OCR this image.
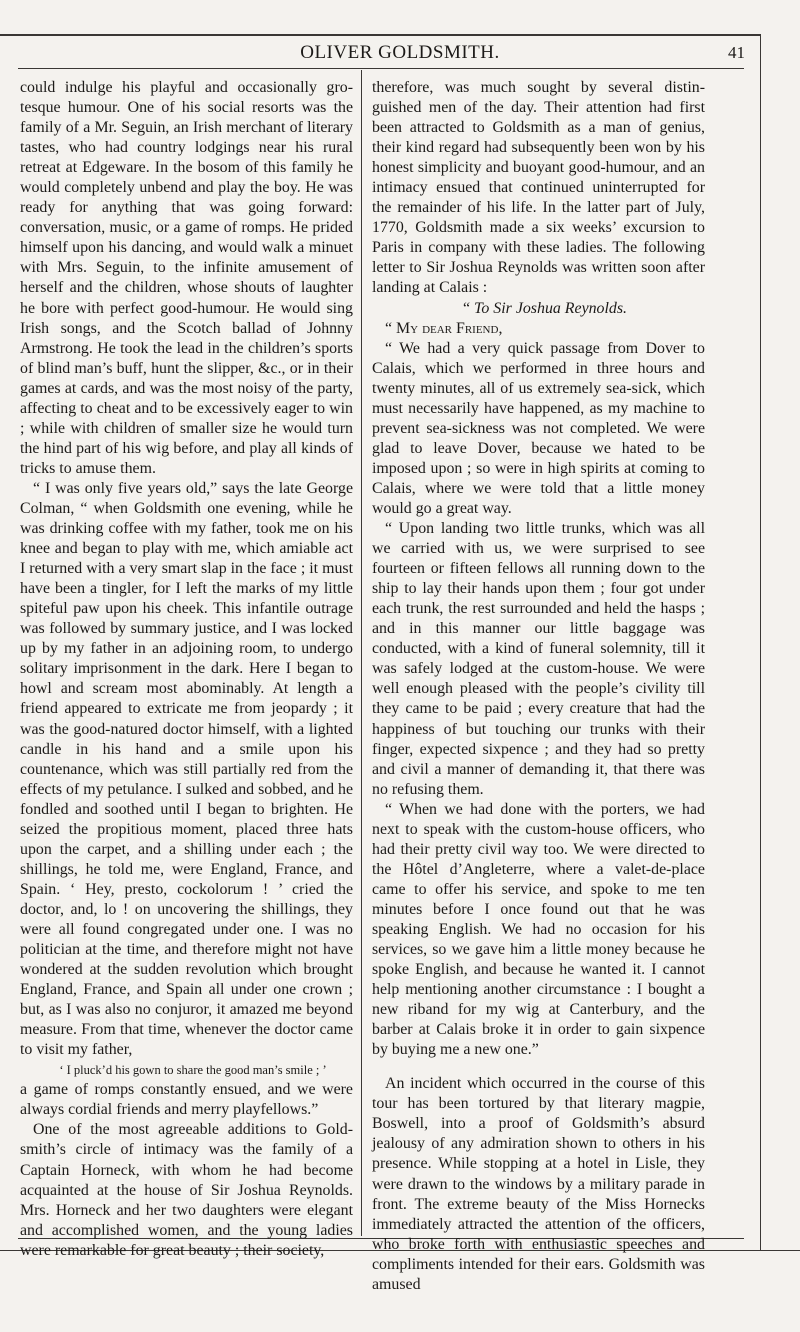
OLIVER GOLDSMITH.	41

could indulge his playful and occasionally grotesque humour. One of his social resorts was the family of a Mr. Seguin, an Irish merchant of literary tastes, who had country lodgings near his rural retreat at Edgeware. In the bosom of this family he would completely unbend and play the boy. He was ready for anything that was going forward: conversation, music, or a game of romps. He prided himself upon his dancing, and would walk a minuet with Mrs. Seguin, to the infinite amusement of herself and the children, whose shouts of laughter he bore with perfect good-humour. He would sing Irish songs, and the Scotch ballad of Johnny Armstrong. He took the lead in the children’s sports of blind man’s buff, hunt the slipper, &c., or in their games at cards, and was the most noisy of the party, affecting to cheat and to be excessively eager to win ; while with children of smaller size he would turn the hind part of his wig before, and play all kinds of tricks to amuse them.

“ I was only five years old,” says the late George Colman, “ when Goldsmith one evening, while he was drinking coffee with my father, took me on his knee and began to play with me, which amiable act I returned with a very smart slap in the face ; it must have been a tingler, for I left the marks of my little spiteful paw upon his cheek. This infantile outrage was followed by summary justice, and I was locked up by my father in an adjoining room, to undergo solitary imprisonment in the dark. Here I began to howl and scream most abominably. At length a friend appeared to extricate me from jeopardy ; it was the good-natured doctor himself, with a lighted candle in his hand and a smile upon his countenance, which was still partially red from the effects of my petulance. I sulked and sobbed, and he fondled and soothed until I began to brighten. He seized the propitious moment, placed three hats upon the carpet, and a shilling under each ; the shillings, he told me, were England, France, and Spain. ‘ Hey, presto, cockolorum ! ’ cried the doctor, and, lo ! on uncovering the shillings, they were all found congregated under one. I was no politician at the time, and therefore might not have wondered at the sudden revolution which brought England, France, and Spain all under one crown ; but, as I was also no conjuror, it amazed me beyond measure. From that time, whenever the doctor came to visit my father,

‘ I pluck’d his gown to share the good man’s smile ; ’

a game of romps constantly ensued, and we were always cordial friends and merry playfellows.”

One of the most agreeable additions to Goldsmith’s circle of intimacy was the family of a Captain Horneck, with whom he had become acquainted at the house of Sir Joshua Reynolds. Mrs. Horneck and her two daughters were elegant and accomplished women, and the young ladies were remarkable for great beauty ; their society,

therefore, was much sought by several distinguished men of the day. Their attention had first been attracted to Goldsmith as a man of genius, their kind regard had subsequently been won by his honest simplicity and buoyant good-humour, and an intimacy ensued that continued uninterrupted for the remainder of his life. In the latter part of July, 1770, Goldsmith made a six weeks’ excursion to Paris in company with these ladies. The following letter to Sir Joshua Reynolds was written soon after landing at Calais :

“ To Sir Joshua Reynolds.

“ My dear Friend,

“ We had a very quick passage from Dover to Calais, which we performed in three hours and twenty minutes, all of us extremely sea-sick, which must necessarily have happened, as my machine to prevent sea-sickness was not completed. We were glad to leave Dover, because we hated to be imposed upon ; so were in high spirits at coming to Calais, where we were told that a little money would go a great way.

“ Upon landing two little trunks, which was all we carried with us, we were surprised to see fourteen or fifteen fellows all running down to the ship to lay their hands upon them ; four got under each trunk, the rest surrounded and held the hasps ; and in this manner our little baggage was conducted, with a kind of funeral solemnity, till it was safely lodged at the custom-house. We were well enough pleased with the people’s civility till they came to be paid ; every creature that had the happiness of but touching our trunks with their finger, expected sixpence ; and they had so pretty and civil a manner of demanding it, that there was no refusing them.

“ When we had done with the porters, we had next to speak with the custom-house officers, who had their pretty civil way too. We were directed to the Hôtel d’Angleterre, where a valet-de-place came to offer his service, and spoke to me ten minutes before I once found out that he was speaking English. We had no occasion for his services, so we gave him a little money because he spoke English, and because he wanted it. I cannot help mentioning another circumstance : I bought a new riband for my wig at Canterbury, and the barber at Calais broke it in order to gain sixpence by buying me a new one.”

An incident which occurred in the course of this tour has been tortured by that literary magpie, Boswell, into a proof of Goldsmith’s absurd jealousy of any admiration shown to others in his presence. While stopping at a hotel in Lisle, they were drawn to the windows by a military parade in front. The extreme beauty of the Miss Hornecks immediately attracted the attention of the officers, who broke forth with enthusiastic speeches and compliments intended for their ears. Goldsmith was amused
